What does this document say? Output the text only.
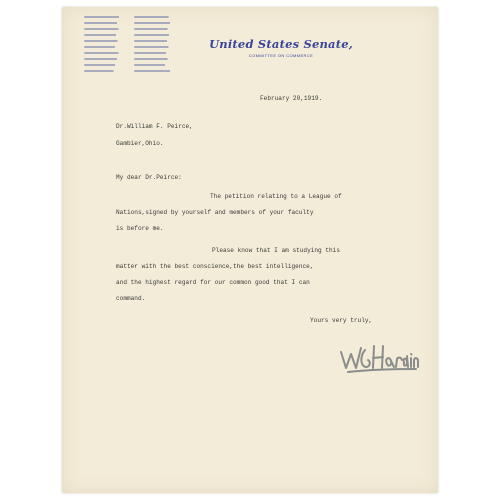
United States Senate,
COMMITTEE ON COMMERCE
February 20,1919.
Dr.William F. Peirce,
Gambier,Ohio.
My dear Dr.Peirce:
The petition relating to a League of
Nations,signed by yourself and members of your faculty
is before me.
Please know that I am studying this
matter with the best conscience,the best intelligence,
and the highest regard for our common good that I can
command.
Yours very truly,
